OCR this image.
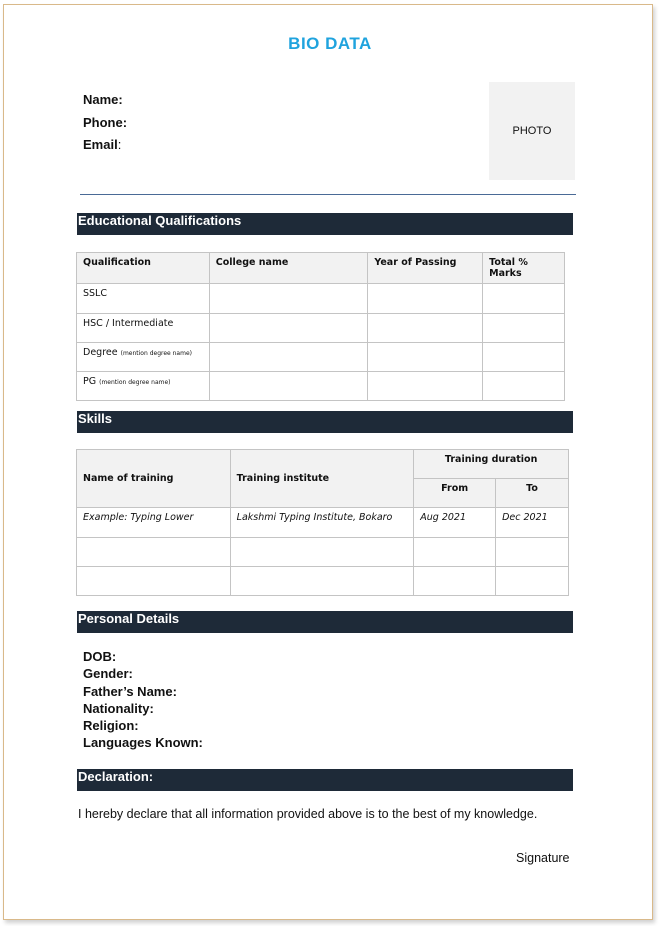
BIO DATA
Name:
Phone:
Email:
PHOTO
Educational Qualifications
Qualification	College name	Year of Passing	Total % Marks
SSLC			
HSC / Intermediate			
Degree (mention degree name)			
PG (mention degree name)			
Skills
Name of training	Training institute	Training duration	
		From	To
Example: Typing Lower	Lakshmi Typing Institute, Bokaro	Aug 2021	Dec 2021

Personal Details
DOB:
Gender:
Father’s Name:
Nationality:
Religion:
Languages Known:
Declaration:
I hereby declare that all information provided above is to the best of my knowledge.
Signature
